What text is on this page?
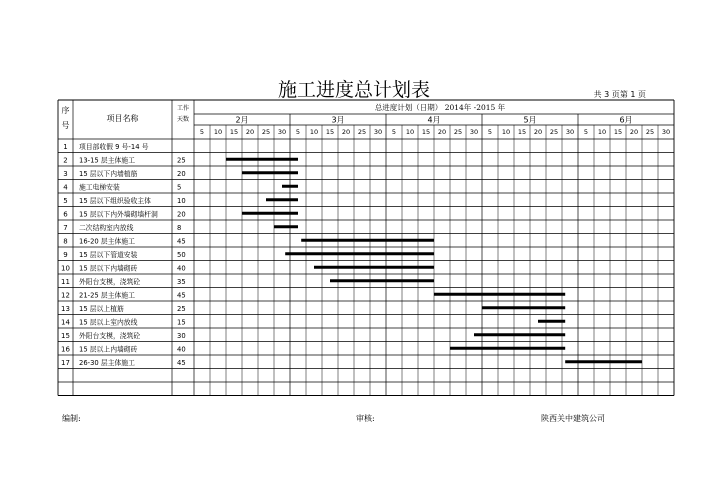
施工进度总计划表	共 3 页第 1 页
2月
5 10 15 20 25 30
3月
5 10 15 20 25 30
4月
5 10 15 20 25 30
5月
5 10 15 20 25 30
6月
5 10 15 20 25 30
序
号
项目名称
工作
天数
总进度计划（日期） 2014年 -2015 年
1 项目部收假 9 号-14 号
2 13-15 层主体施工	25
3 15 层以下内墙植筋	20
4 施工电梯安装	5
5 15 层以下组织验收主体	10
6 15 层以下内外墙砌墙杆洞	20
7 二次结构室内放线	8
8 16-20 层主体施工	45
9 15 层以下管道安装	50
10 15 层以下内墙砌砖	40
11 外阳台支模，浇筑砼	35
12 21-25 层主体施工	45
13 15 层以上植筋	25
14 15 层以上室内放线	15
15 外阳台支模，浇筑砼	30
16 15 层以上内墙砌砖	40
17 26-30 层主体施工	45
编制:	审核:	陕西关中建筑公司
